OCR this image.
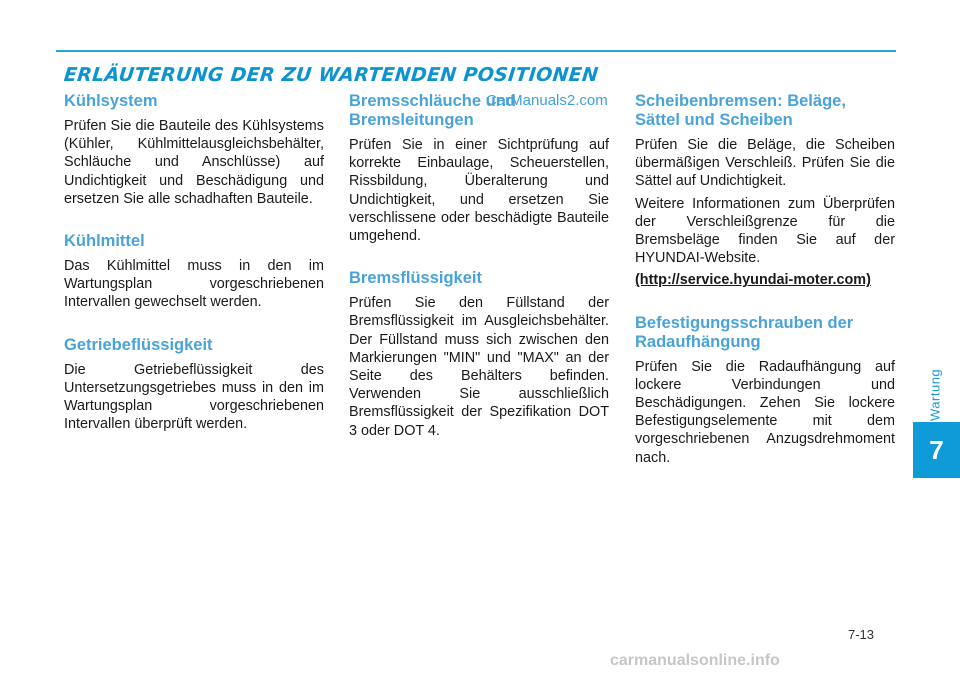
ERLÄUTERUNG DER ZU WARTENDEN POSITIONEN
CarManuals2.com
Kühlsystem

Prüfen Sie die Bauteile des Kühlsystems (Kühler, Kühlmittelausgleichsbehälter, Schläuche und Anschlüsse) auf Undichtigkeit und Beschädigung und ersetzen Sie alle schadhaften Bauteile.

Kühlmittel

Das Kühlmittel muss in den im Wartungsplan vorgeschriebenen Intervallen gewechselt werden.

Getriebeflüssigkeit

Die Getriebeflüssigkeit des Untersetzungsgetriebes muss in den im Wartungsplan vorgeschriebenen Intervallen überprüft werden.

Bremsschläuche und Bremsleitungen

Prüfen Sie in einer Sichtprüfung auf korrekte Einbaulage, Scheuerstellen, Rissbildung, Überalterung und Undichtigkeit, und ersetzen Sie verschlissene oder beschädigte Bauteile umgehend.

Bremsflüssigkeit

Prüfen Sie den Füllstand der Bremsflüssigkeit im Ausgleichsbehälter. Der Füllstand muss sich zwischen den Markierungen "MIN" und "MAX" an der Seite des Behälters befinden. Verwenden Sie ausschließlich Bremsflüssigkeit der Spezifikation DOT 3 oder DOT 4.

Scheibenbremsen: Beläge, Sättel und Scheiben

Prüfen Sie die Beläge, die Scheiben übermäßigen Verschleiß. Prüfen Sie die Sättel auf Undichtigkeit.

Weitere Informationen zum Überprüfen der Verschleißgrenze für die Bremsbeläge finden Sie auf der HYUNDAI-Website.

(http://service.hyundai-moter.com)

Befestigungsschrauben der Radaufhängung

Prüfen Sie die Radaufhängung auf lockere Verbindungen und Beschädigungen. Zehen Sie lockere Befestigungselemente mit dem vorgeschriebenen Anzugsdrehmoment nach.

Wartung
7
7-13
carmanualsonline.info
